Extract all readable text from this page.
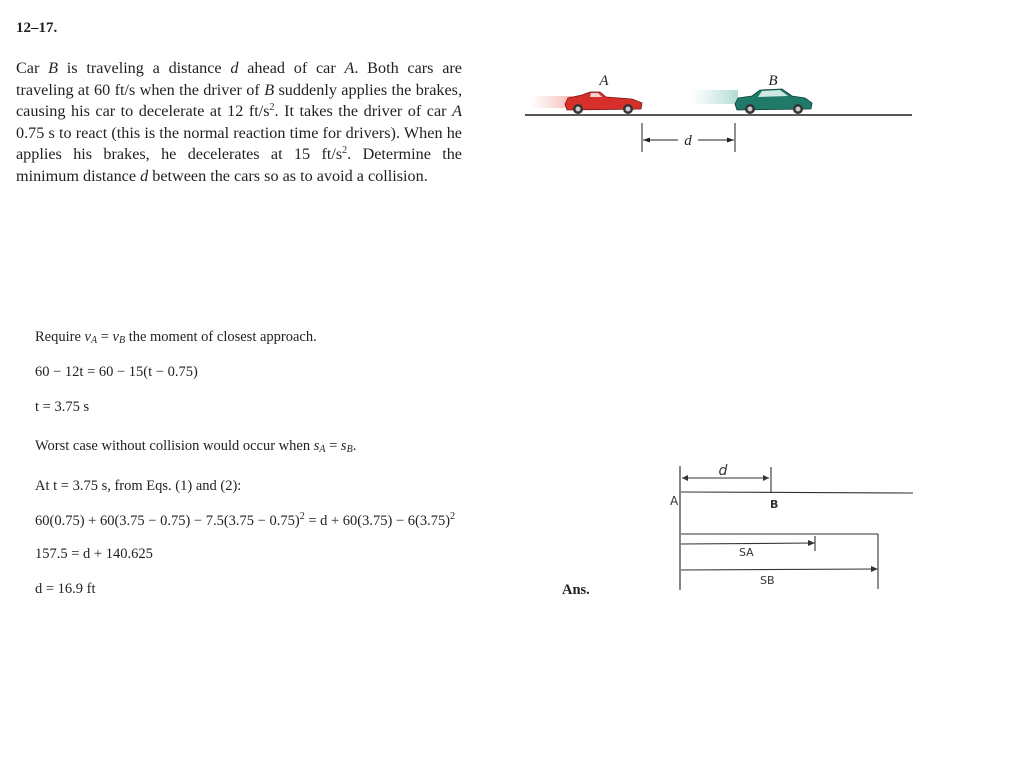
12–17.

Car B is traveling a distance d ahead of car A. Both cars are traveling at 60 ft/s when the driver of B suddenly applies the brakes, causing his car to decelerate at 12 $ft/s^2$. It takes the driver of car A 0.75 s to react (this is the normal reaction time for drivers). When he applies his brakes, he decelerates at 15 $ft/s^2$. Determine the minimum distance d between the cars so as to avoid a collision.

A	B
d
Require $v_A = v_B$ the moment of closest approach.
60 − 12t = 60 − 15(t − 0.75)
t = 3.75 s
Worst case without collision would occur when $s_A = s_B$.
At t = 3.75 s, from Eqs. (1) and (2):
$60(0.75) + 60(3.75 - 0.75) - 7.5(3.75 - 0.75)^2 = d + 60(3.75) - 6(3.75)^2$
157.5 = d + 140.625
d = 16.9 ft	Ans.
d
A	B
SA
SB
